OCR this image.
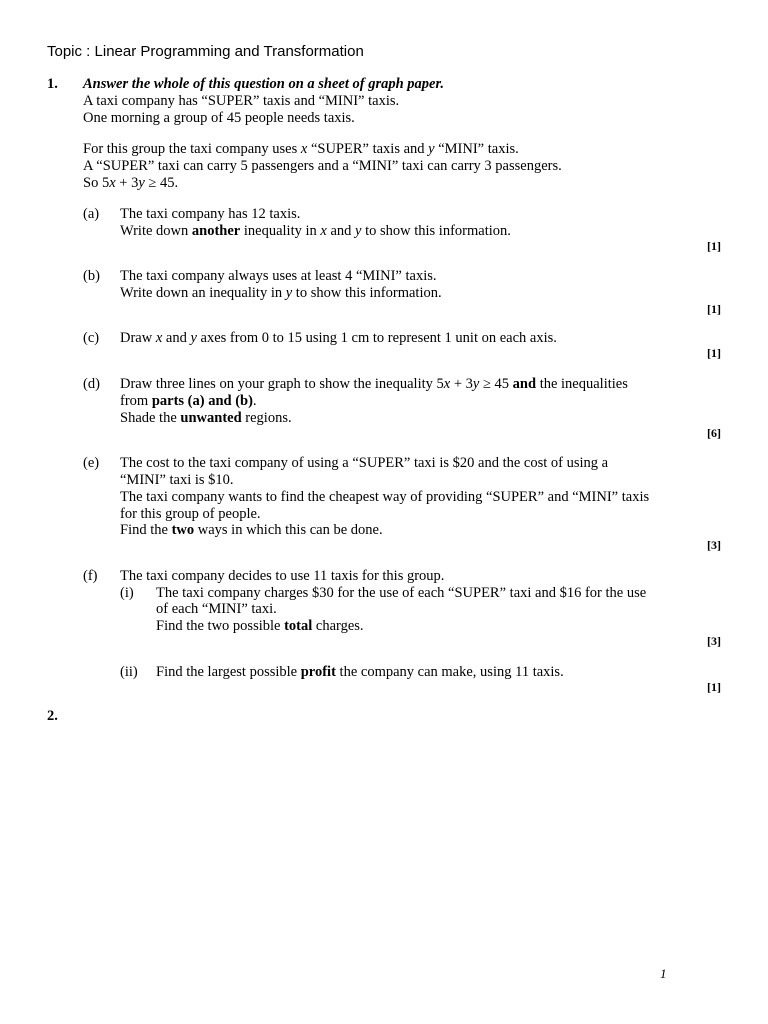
Topic : Linear Programming and Transformation
1. Answer the whole of this question on a sheet of graph paper.
A taxi company has “SUPER” taxis and “MINI” taxis.
One morning a group of 45 people needs taxis.
For this group the taxi company uses x “SUPER” taxis and y “MINI” taxis.
A “SUPER” taxi can carry 5 passengers and a “MINI” taxi can carry 3 passengers.
So 5x + 3y ≥ 45.
(a) The taxi company has 12 taxis.
Write down another inequality in x and y to show this information.
[1]
(b) The taxi company always uses at least 4 “MINI” taxis.
Write down an inequality in y to show this information.
[1]
(c) Draw x and y axes from 0 to 15 using 1 cm to represent 1 unit on each axis.
[1]
(d) Draw three lines on your graph to show the inequality 5x + 3y ≥ 45 and the inequalities
from parts (a) and (b).
Shade the unwanted regions.
[6]
(e) The cost to the taxi company of using a “SUPER” taxi is $20 and the cost of using a
“MINI” taxi is $10.
The taxi company wants to find the cheapest way of providing “SUPER” and “MINI” taxis
for this group of people.
Find the two ways in which this can be done.
[3]
(f) The taxi company decides to use 11 taxis for this group.
(i) The taxi company charges $30 for the use of each “SUPER” taxi and $16 for the use
of each “MINI” taxi.
Find the two possible total charges.
[3]
(ii) Find the largest possible profit the company can make, using 11 taxis.
[1]
2.
1
